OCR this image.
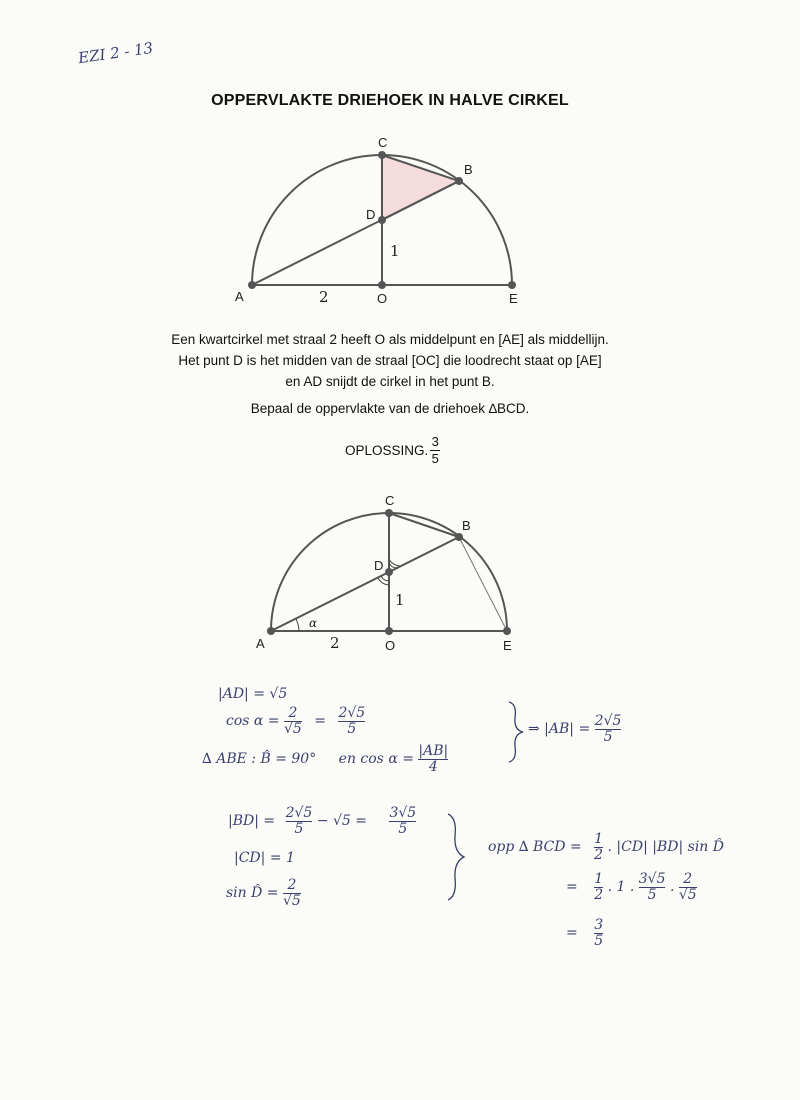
EZI 2 - 13
OPPERVLAKTE DRIEHOEK IN HALVE CIRKEL
C
B
D
A	O	E
2
1
Een kwartcirkel met straal 2 heeft O als middelpunt en [AE] als middellijn.
Het punt D is het midden van de straal [OC] die loodrecht staat op [AE]
en AD snijdt de cirkel in het punt B.
Bepaal de oppervlakte van de driehoek ∆BCD.
OPLOSSING. $\frac{3}{5}$
C
B
D
A	O	E
2
1
α
|AD| = √5
$\cos \alpha = \frac{2}{√5} = \frac{2√5}{5}$
∆ ABE : B̂ = 90° en $\cos \alpha = \frac{|AB|}{4}$
⇒ $|AB| = \frac{2√5}{5}$
$|BD| = \frac{2√5}{5} - √5 = \frac{3√5}{5}$
|CD| = 1
sin D̂ = $\frac{2}{√5}$
opp ∆ BCD = $\frac{1}{2}$ . |CD| |BD| sin D̂
= $\frac{1}{2}$ . 1 . $\frac{3√5}{5}$ . $\frac{2}{√5}$
= $\frac{3}{5}$
